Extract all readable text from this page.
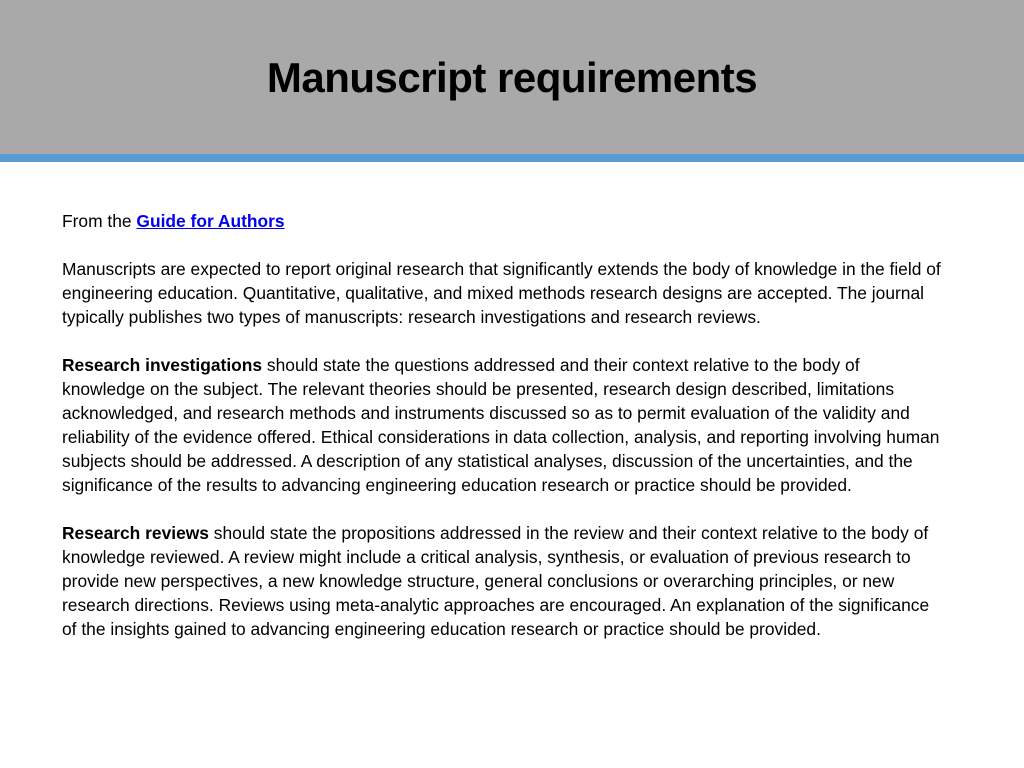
Manuscript requirements

From the Guide for Authors

Manuscripts are expected to report original research that significantly extends the body of knowledge in the field of engineering education. Quantitative, qualitative, and mixed methods research designs are accepted. The journal typically publishes two types of manuscripts: research investigations and research reviews.

Research investigations should state the questions addressed and their context relative to the body of knowledge on the subject. The relevant theories should be presented, research design described, limitations acknowledged, and research methods and instruments discussed so as to permit evaluation of the validity and reliability of the evidence offered. Ethical considerations in data collection, analysis, and reporting involving human subjects should be addressed. A description of any statistical analyses, discussion of the uncertainties, and the significance of the results to advancing engineering education research or practice should be provided.

Research reviews should state the propositions addressed in the review and their context relative to the body of knowledge reviewed. A review might include a critical analysis, synthesis, or evaluation of previous research to provide new perspectives, a new knowledge structure, general conclusions or overarching principles, or new research directions. Reviews using meta-analytic approaches are encouraged. An explanation of the significance of the insights gained to advancing engineering education research or practice should be provided.
